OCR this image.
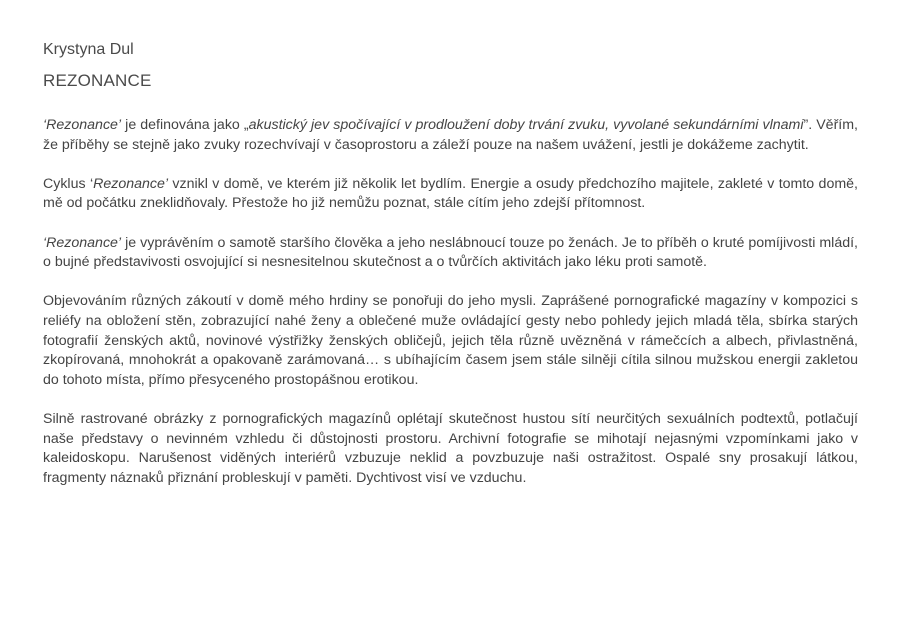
Krystyna Dul

REZONANCE

‘Rezonance’ je definována jako „akustický jev spočívající v prodloužení doby trvání zvuku, vyvolané sekundárními vlnami”. Věřím, že příběhy se stejně jako zvuky rozechvívají v časoprostoru a záleží pouze na našem uvážení, jestli je dokážeme zachytit.

Cyklus ‘Rezonance’ vznikl v domě, ve kterém již několik let bydlím. Energie a osudy předchozího majitele, zakleté v tomto domě, mě od počátku zneklidňovaly. Přestože ho již nemůžu poznat, stále cítím jeho zdejší přítomnost.

‘Rezonance’ je vyprávěním o samotě staršího člověka a jeho neslábnoucí touze po ženách. Je to příběh o kruté pomíjivosti mládí, o bujné představivosti osvojující si nesnesitelnou skutečnost a o tvůrčích aktivitách jako léku proti samotě.

Objevováním různých zákoutí v domě mého hrdiny se ponořuji do jeho mysli. Zaprášené pornografické magazíny v kompozici s reliéfy na obložení stěn, zobrazující nahé ženy a oblečené muže ovládající gesty nebo pohledy jejich mladá těla, sbírka starých fotografií ženských aktů, novinové výstřižky ženských obličejů, jejich těla různě uvězněná v rámečcích a albech, přivlastněná, zkopírovaná, mnohokrát a opakovaně zarámovaná… s ubíhajícím časem jsem stále silněji cítila silnou mužskou energii zakletou do tohoto místa, přímo přesyceného prostopášnou erotikou.

Silně rastrované obrázky z pornografických magazínů oplétají skutečnost hustou sítí neurčitých sexuálních podtextů, potlačují naše představy o nevinném vzhledu či důstojnosti prostoru. Archivní fotografie se mihotají nejasnými vzpomínkami jako v kaleidoskopu. Narušenost viděných interiérů vzbuzuje neklid a povzbuzuje naši ostražitost. Ospalé sny prosakují látkou, fragmenty náznaků přiznání probleskují v paměti. Dychtivost visí ve vzduchu.
